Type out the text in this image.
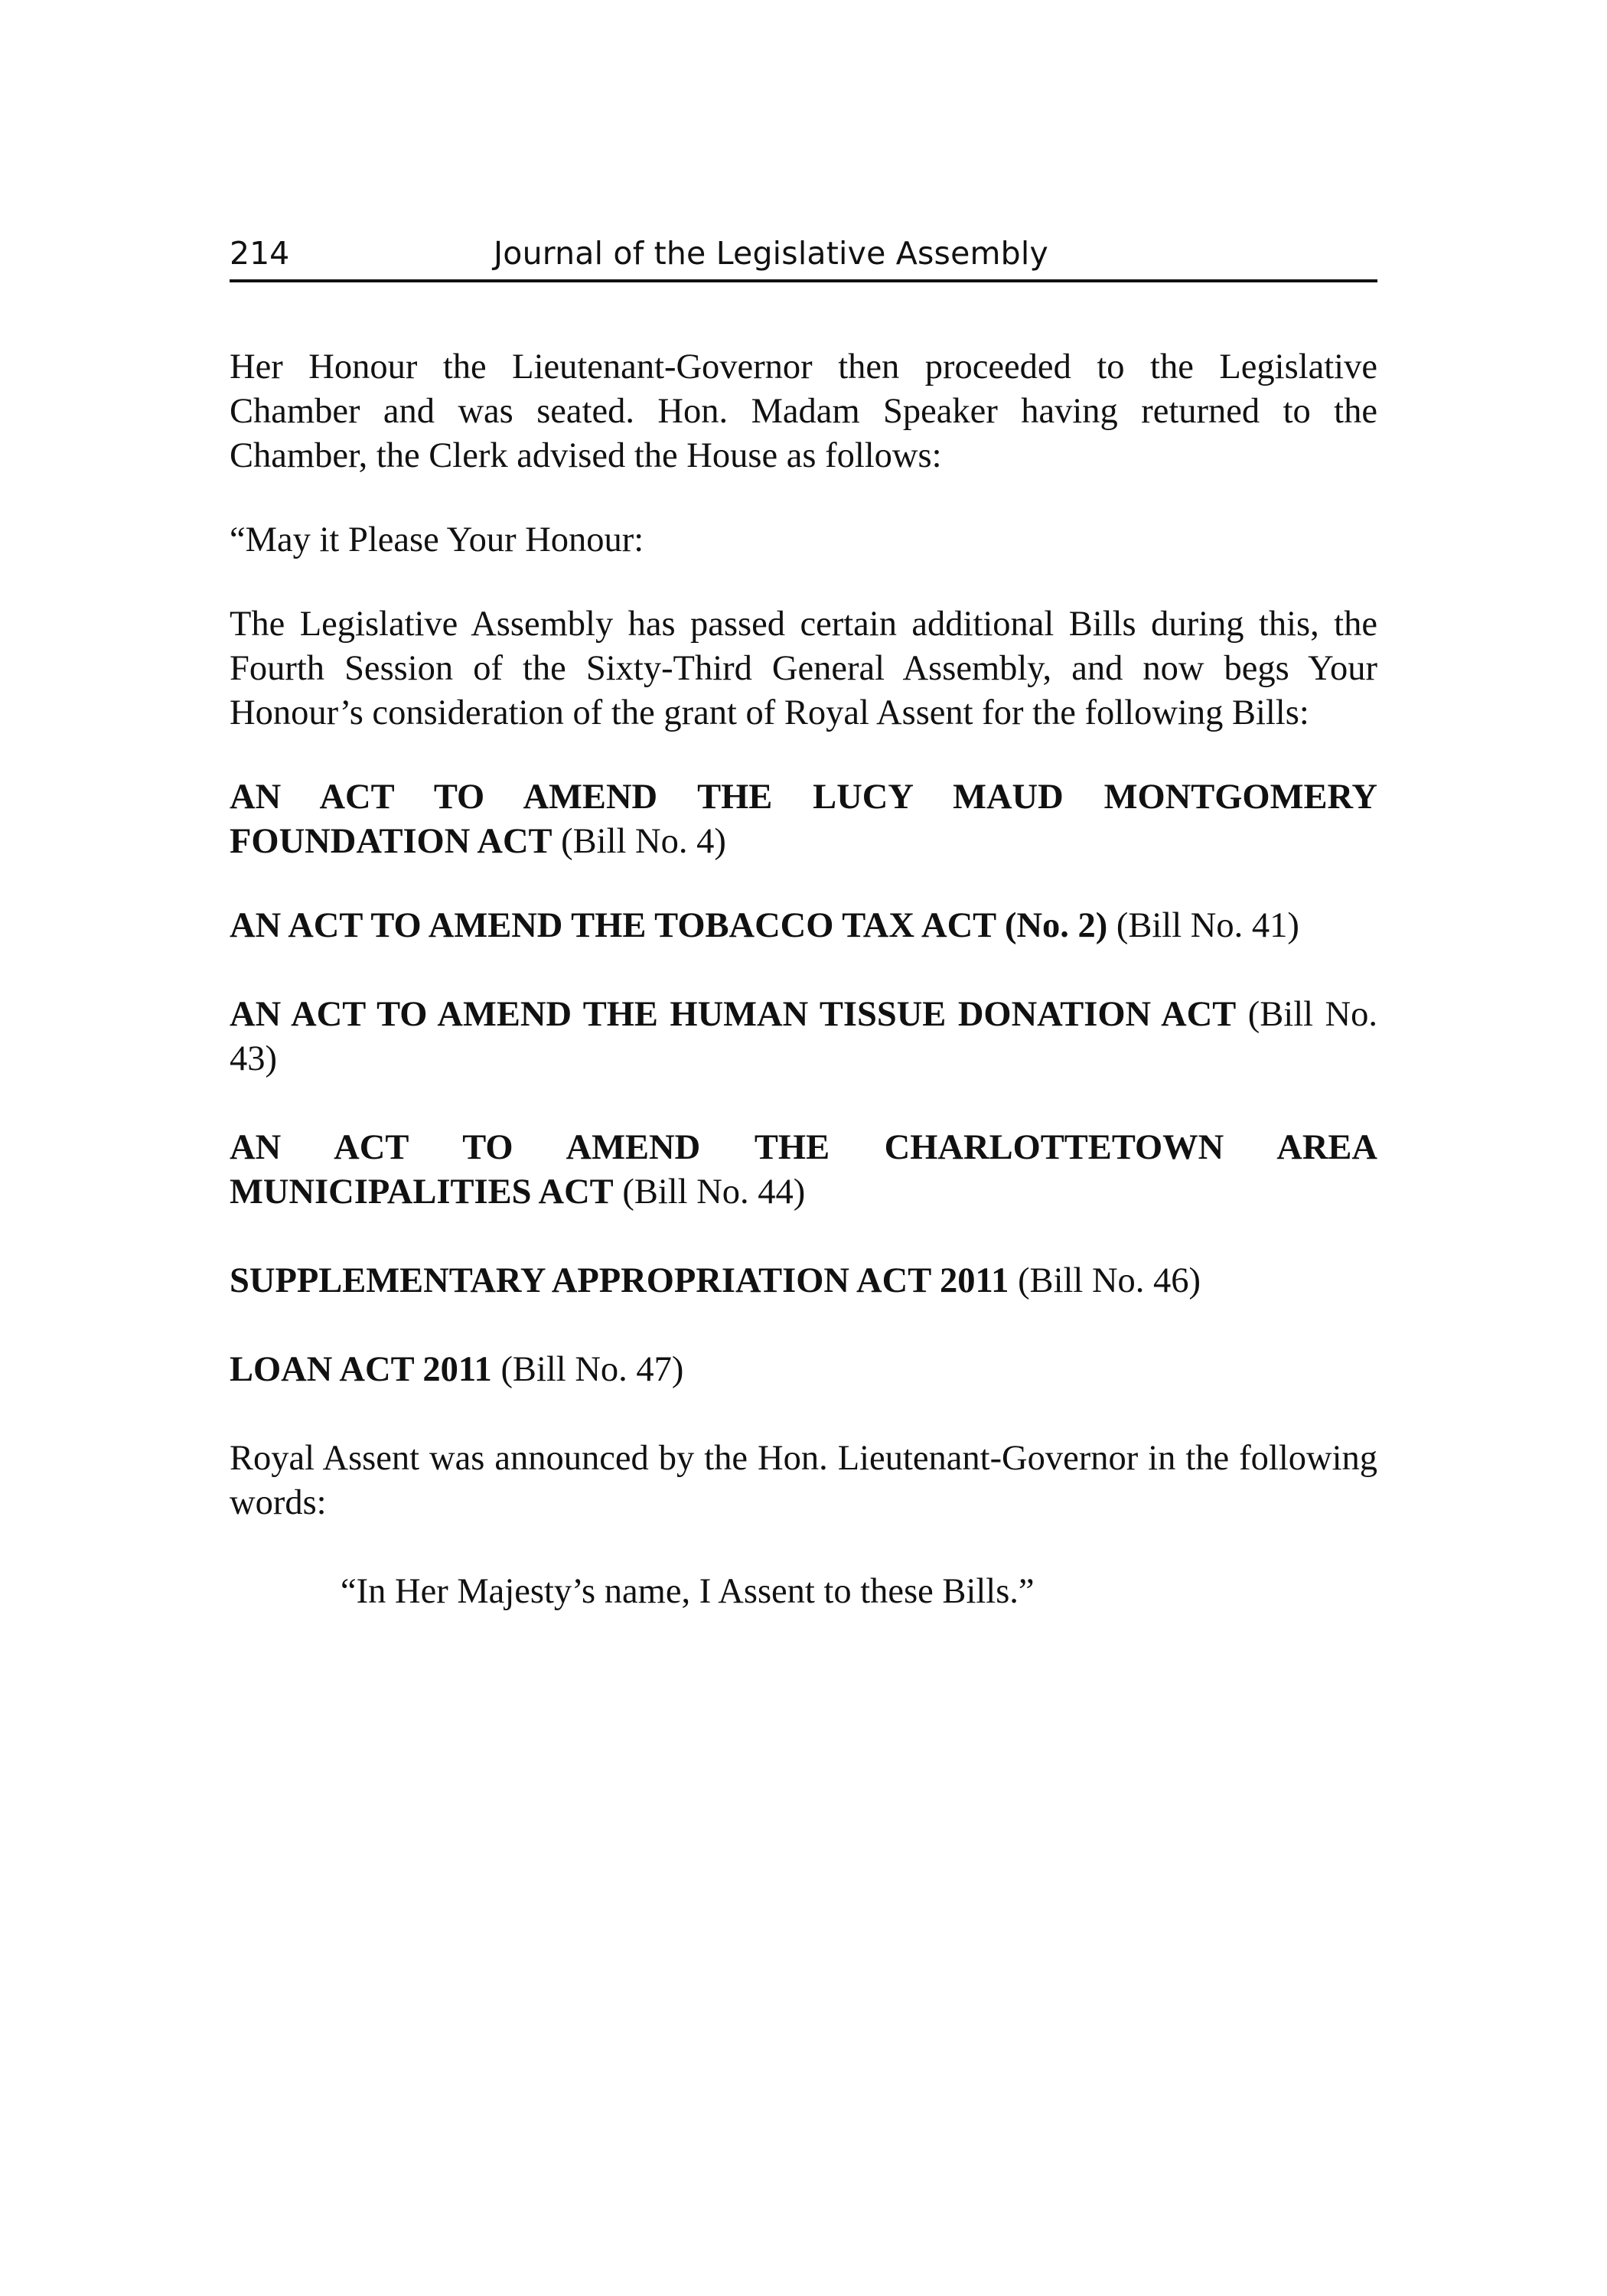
214	Journal of the Legislative Assembly

Her Honour the Lieutenant-Governor then proceeded to the Legislative Chamber and was seated. Hon. Madam Speaker having returned to the Chamber, the Clerk advised the House as follows:

“May it Please Your Honour:

The Legislative Assembly has passed certain additional Bills during this, the Fourth Session of the Sixty-Third General Assembly, and now begs Your Honour’s consideration of the grant of Royal Assent for the following Bills:

AN ACT TO AMEND THE LUCY MAUD MONTGOMERY FOUNDATION ACT (Bill No. 4)

AN ACT TO AMEND THE TOBACCO TAX ACT (No. 2) (Bill No. 41)

AN ACT TO AMEND THE HUMAN TISSUE DONATION ACT (Bill No. 43)

AN ACT TO AMEND THE CHARLOTTETOWN AREA MUNICIPALITIES ACT (Bill No. 44)

SUPPLEMENTARY APPROPRIATION ACT 2011 (Bill No. 46)

LOAN ACT 2011 (Bill No. 47)

Royal Assent was announced by the Hon. Lieutenant-Governor in the following words:

“In Her Majesty’s name, I Assent to these Bills.”
